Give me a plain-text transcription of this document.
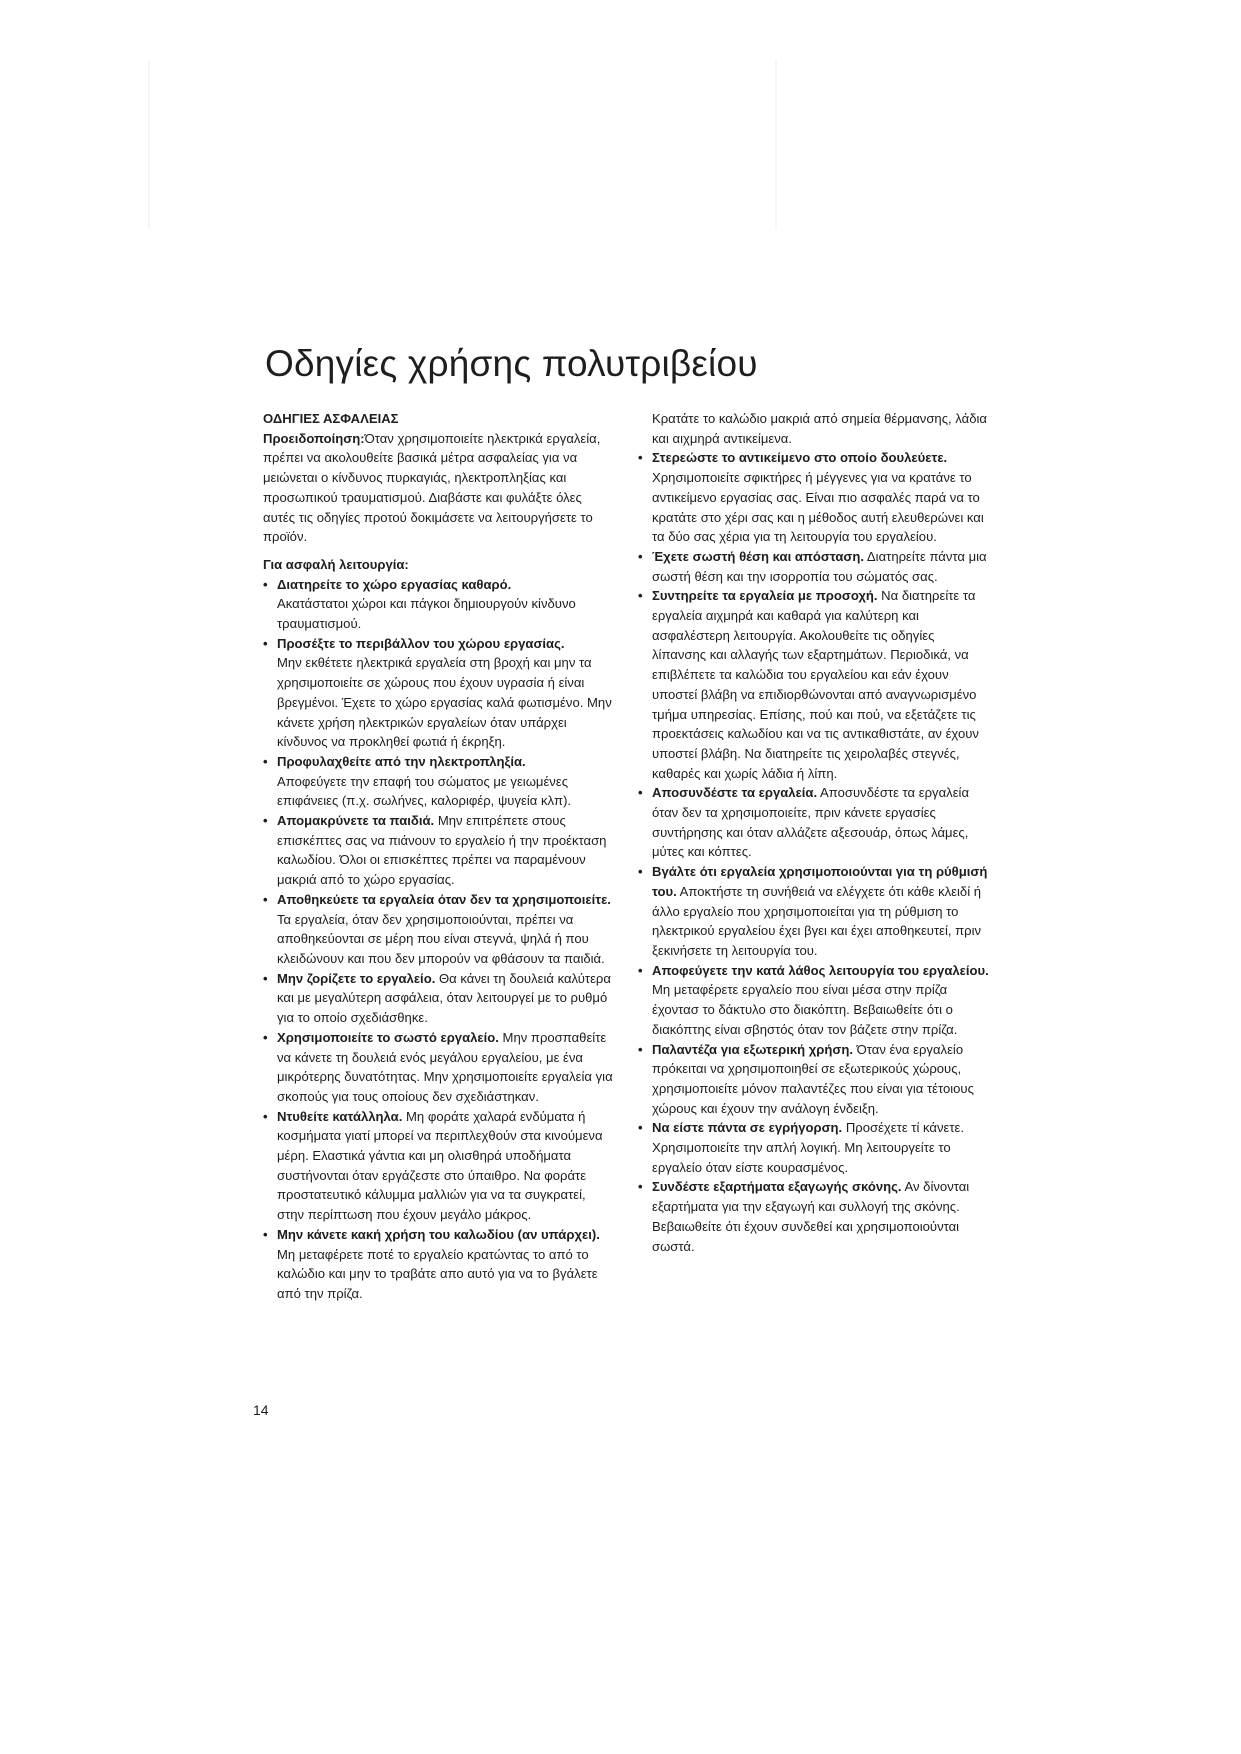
Οδηγίες χρήσης πολυτριβείου

ΟΔΗΓΙΕΣ ΑΣΦΑΛΕΙΑΣ

Προειδοποίηση:Όταν χρησιμοποιείτε ηλεκτρικά εργαλεία, πρέπει να ακολουθείτε βασικά μέτρα ασφαλείας για να μειώνεται ο κίνδυνος πυρκαγιάς, ηλεκτροπληξίας και προσωπικού τραυματισμού. Διαβάστε και φυλάξτε όλες αυτές τις οδηγίες προτού δοκιμάσετε να λειτουργήσετε το προϊόν.

Για ασφαλή λειτουργία:

• Διατηρείτε το χώρο εργασίας καθαρό.
Ακατάστατοι χώροι και πάγκοι δημιουργούν κίνδυνο τραυματισμού.
• Προσέξτε το περιβάλλον του χώρου εργασίας.
Μην εκθέτετε ηλεκτρικά εργαλεία στη βροχή και μην τα χρησιμοποιείτε σε χώρους που έχουν υγρασία ή είναι βρεγμένοι. Έχετε το χώρο εργασίας καλά φωτισμένο. Μην κάνετε χρήση ηλεκτρικών εργαλείων όταν υπάρχει κίνδυνος να προκληθεί φωτιά ή έκρηξη.
• Προφυλαχθείτε από την ηλεκτροπληξία.
Αποφεύγετε την επαφή του σώματος με γειωμένες επιφάνειες (π.χ. σωλήνες, καλοριφέρ, ψυγεία κλπ).
• Απομακρύνετε τα παιδιά. Μην επιτρέπετε στους επισκέπτες σας να πιάνουν το εργαλείο ή την προέκταση καλωδίου. Όλοι οι επισκέπτες πρέπει να παραμένουν μακριά από το χώρο εργασίας.
• Αποθηκεύετε τα εργαλεία όταν δεν τα χρησιμοποιείτε. Τα εργαλεία, όταν δεν χρησιμοποιούνται, πρέπει να αποθηκεύονται σε μέρη που είναι στεγνά, ψηλά ή που κλειδώνουν και που δεν μπορούν να φθάσουν τα παιδιά.
• Μην ζορίζετε το εργαλείο. Θα κάνει τη δουλειά καλύτερα και με μεγαλύτερη ασφάλεια, όταν λειτουργεί με το ρυθμό για το οποίο σχεδιάσθηκε.
• Χρησιμοποιείτε το σωστό εργαλείο. Μην προσπαθείτε να κάνετε τη δουλειά ενός μεγάλου εργαλείου, με ένα μικρότερης δυνατότητας. Μην χρησιμοποιείτε εργαλεία για σκοπούς για τους οποίους δεν σχεδιάστηκαν.
• Ντυθείτε κατάλληλα. Μη φοράτε χαλαρά ενδύματα ή κοσμήματα γιατί μπορεί να περιπλεχθούν στα κινούμενα μέρη. Ελαστικά γάντια και μη ολισθηρά υποδήματα συστήνονται όταν εργάζεστε στο ύπαιθρο. Να φοράτε προστατευτικό κάλυμμα μαλλιών για να τα συγκρατεί, στην περίπτωση που έχουν μεγάλο μάκρος.
• Μην κάνετε κακή χρήση του καλωδίου (αν υπάρχει). Μη μεταφέρετε ποτέ το εργαλείο κρατώντας το από το καλώδιο και μην το τραβάτε απο αυτό για να το βγάλετε από την πρίζα.

Κρατάτε το καλώδιο μακριά από σημεία θέρμανσης, λάδια και αιχμηρά αντικείμενα.

• Στερεώστε το αντικείμενο στο οποίο δουλεύετε. Χρησιμοποιείτε σφικτήρες ή μέγγενες για να κρατάνε το αντικείμενο εργασίας σας. Είναι πιο ασφαλές παρά να το κρατάτε στο χέρι σας και η μέθοδος αυτή ελευθερώνει και τα δύο σας χέρια για τη λειτουργία του εργαλείου.
• Έχετε σωστή θέση και απόσταση. Διατηρείτε πάντα μια σωστή θέση και την ισορροπία του σώματός σας.
• Συντηρείτε τα εργαλεία με προσοχή. Να διατηρείτε τα εργαλεία αιχμηρά και καθαρά για καλύτερη και ασφαλέστερη λειτουργία. Ακολουθείτε τις οδηγίες λίπανσης και αλλαγής των εξαρτημάτων. Περιοδικά, να επιβλέπετε τα καλώδια του εργαλείου και εάν έχουν υποστεί βλάβη να επιδιορθώνονται από αναγνωρισμένο τμήμα υπηρεσίας. Επίσης, πού και πού, να εξετάζετε τις προεκτάσεις καλωδίου και να τις αντικαθιστάτε, αν έχουν υποστεί βλάβη. Να διατηρείτε τις χειρολαβές στεγνές, καθαρές και χωρίς λάδια ή λίπη.
• Αποσυνδέστε τα εργαλεία. Αποσυνδέστε τα εργαλεία όταν δεν τα χρησιμοποιείτε, πριν κάνετε εργασίες συντήρησης και όταν αλλάζετε αξεσουάρ, όπως λάμες, μύτες και κόπτες.
• Βγάλτε ότι εργαλεία χρησιμοποιούνται για τη ρύθμισή του. Αποκτήστε τη συνήθειά να ελέγχετε ότι κάθε κλειδί ή άλλο εργαλείο που χρησιμοποιείται για τη ρύθμιση το ηλεκτρικού εργαλείου έχει βγει και έχει αποθηκευτεί, πριν ξεκινήσετε τη λειτουργία του.
• Αποφεύγετε την κατά λάθος λειτουργία του εργαλείου. Μη μεταφέρετε εργαλείο που είναι μέσα στην πρίζα έχοντασ το δάκτυλο στο διακόπτη. Βεβαιωθείτε ότι ο διακόπτης είναι σβηστός όταν τον βάζετε στην πρίζα.
• Παλαντέζα για εξωτερική χρήση. Όταν ένα εργαλείο πρόκειται να χρησιμοποιηθεί σε εξωτερικούς χώρους, χρησιμοποιείτε μόνον παλαντέζες που είναι για τέτοιους χώρους και έχουν την ανάλογη ένδειξη.
• Να είστε πάντα σε εγρήγορση. Προσέχετε τί κάνετε. Χρησιμοποιείτε την απλή λογική. Μη λειτουργείτε το εργαλείο όταν είστε κουρασμένος.
• Συνδέστε εξαρτήματα εξαγωγής σκόνης. Αν δίνονται εξαρτήματα για την εξαγωγή και συλλογή της σκόνης. Βεβαιωθείτε ότι έχουν συνδεθεί και χρησιμοποιούνται σωστά.
14
